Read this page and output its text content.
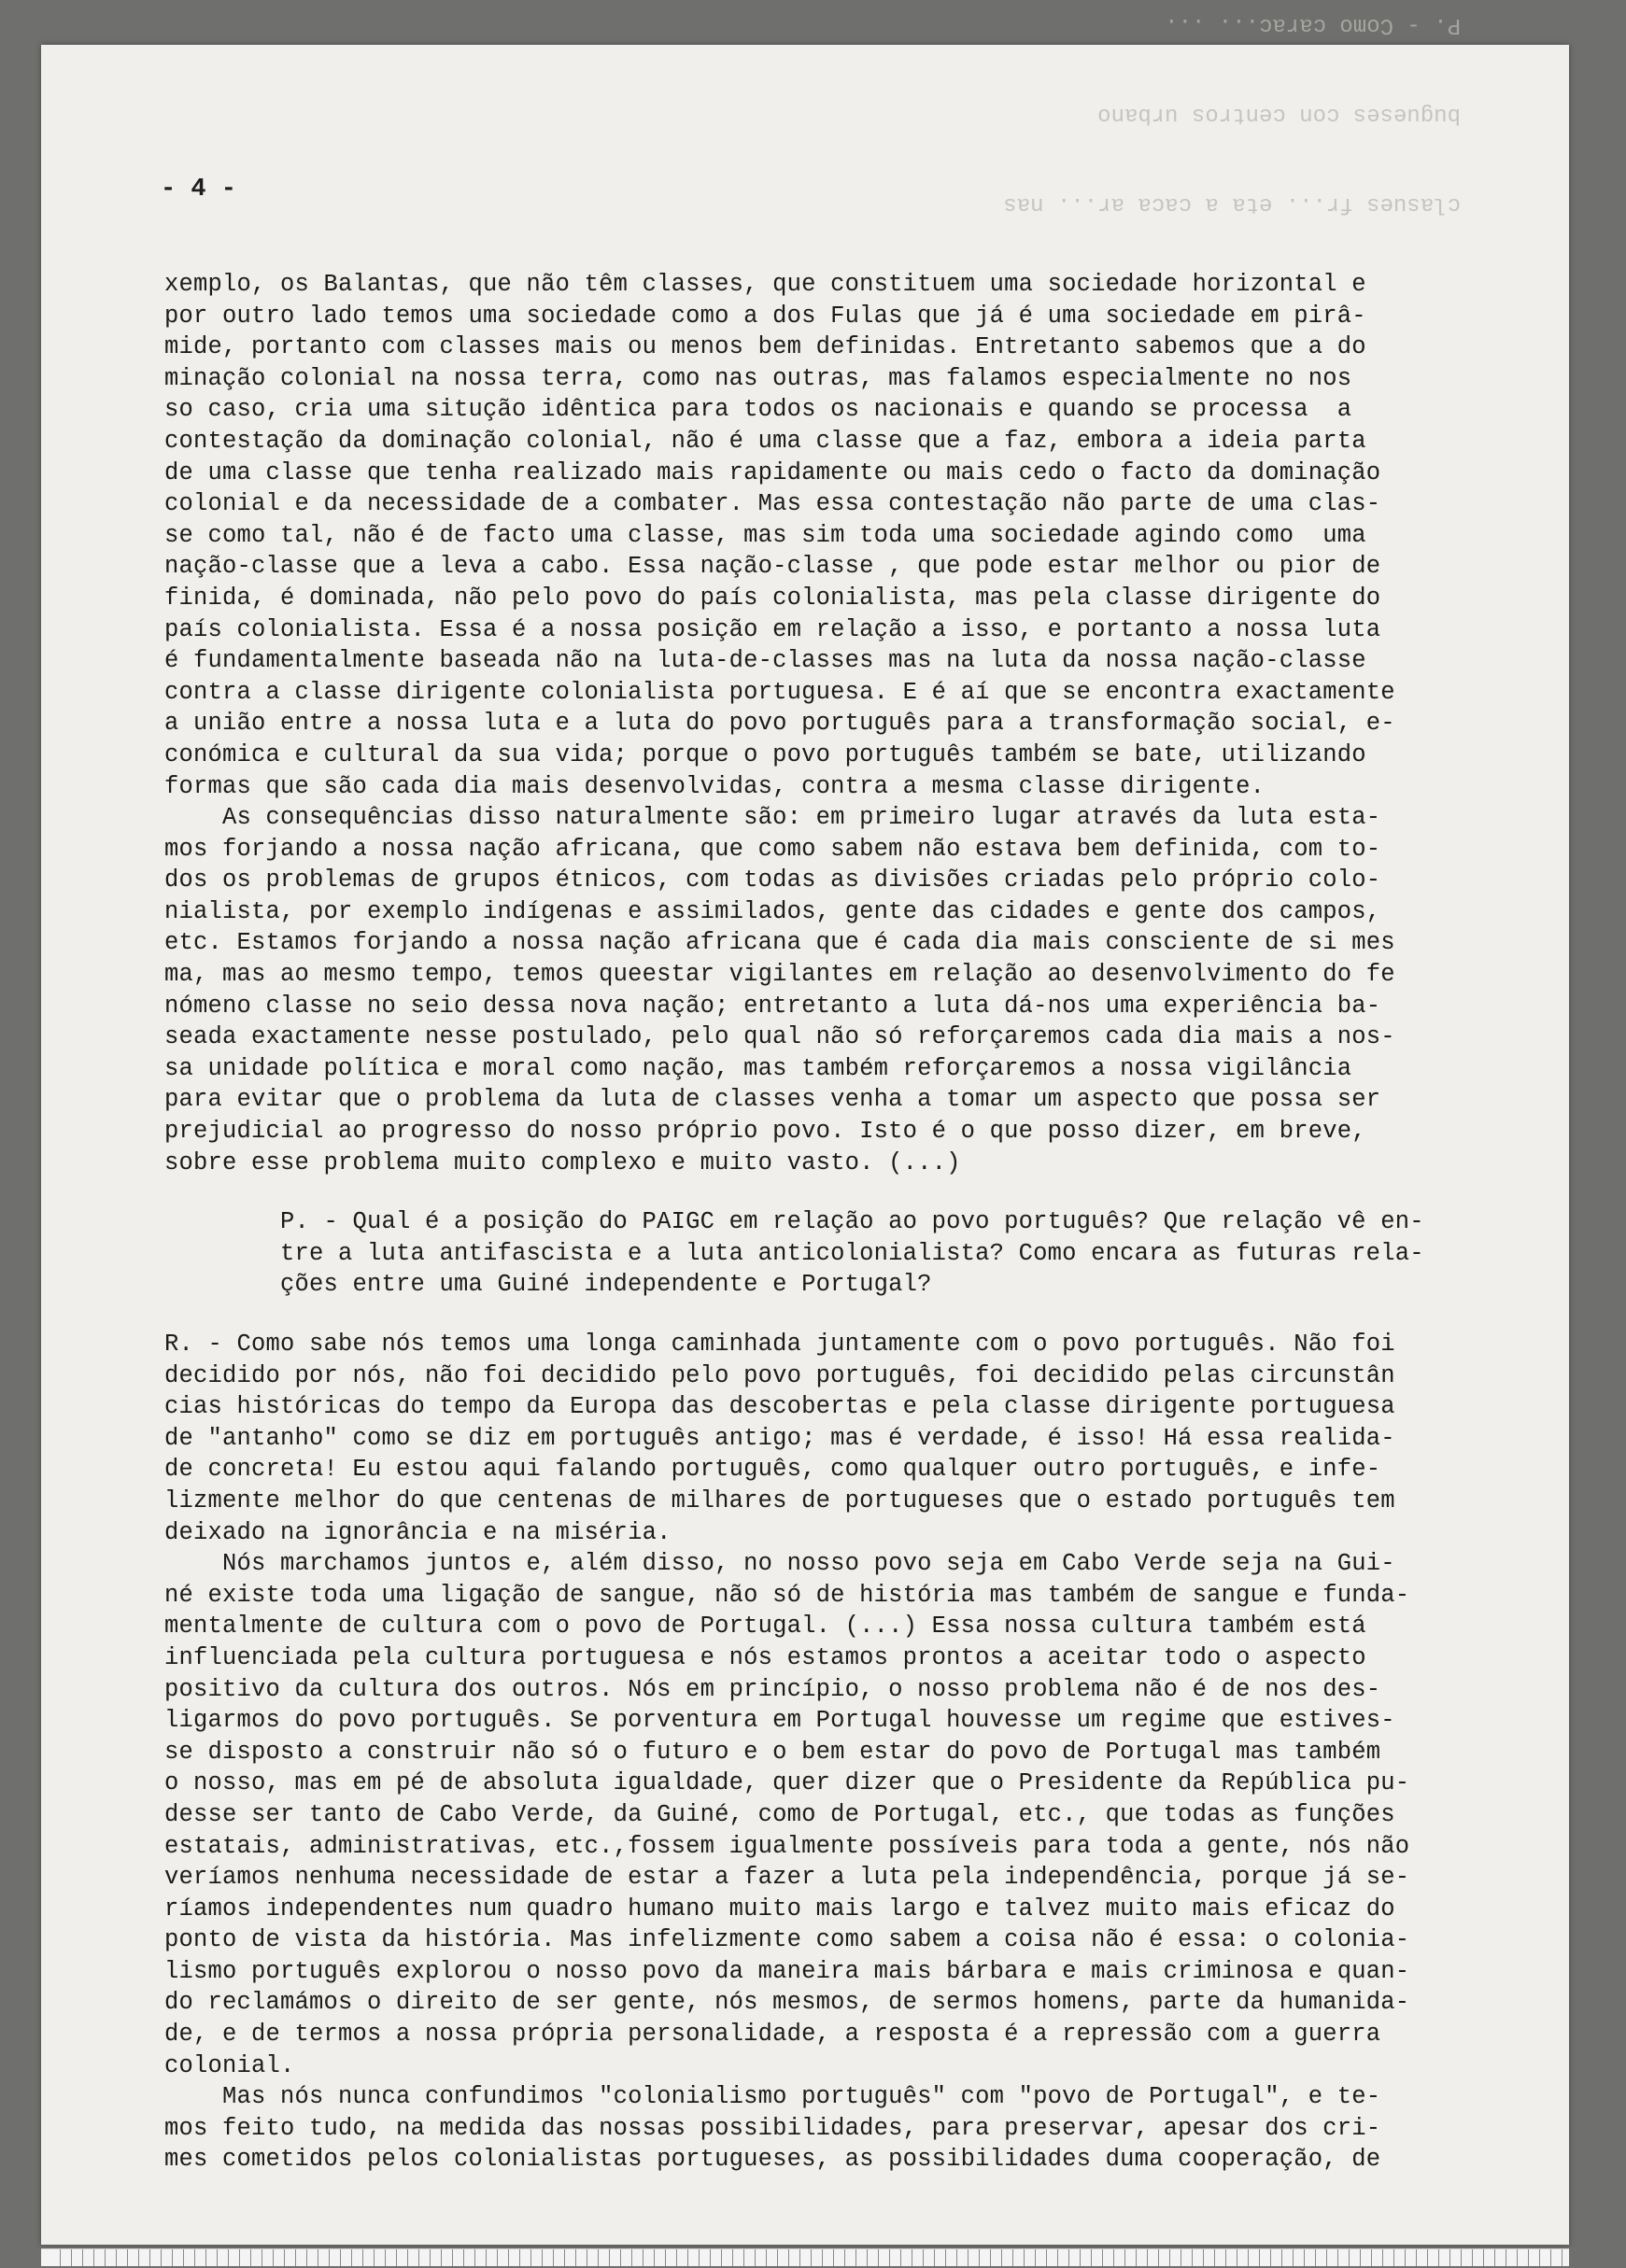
clasues fr... eta a caca ar... nas

bugueses con centros urbano

P. - Como carac... ...

- 4 -
xemplo, os Balantas, que não têm classes, que constituem uma sociedade horizontal e
por outro lado temos uma sociedade como a dos Fulas que já é uma sociedade em pirâ-
mide, portanto com classes mais ou menos bem definidas. Entretanto sabemos que a do
minação colonial na nossa terra, como nas outras, mas falamos especialmente no nos
so caso, cria uma situção idêntica para todos os nacionais e quando se processa  a
contestação da dominação colonial, não é uma classe que a faz, embora a ideia parta
de uma classe que tenha realizado mais rapidamente ou mais cedo o facto da dominação
colonial e da necessidade de a combater. Mas essa contestação não parte de uma clas-
se como tal, não é de facto uma classe, mas sim toda uma sociedade agindo como  uma
nação-classe que a leva a cabo. Essa nação-classe , que pode estar melhor ou pior de
finida, é dominada, não pelo povo do país colonialista, mas pela classe dirigente do
país colonialista. Essa é a nossa posição em relação a isso, e portanto a nossa luta
é fundamentalmente baseada não na luta-de-classes mas na luta da nossa nação-classe
contra a classe dirigente colonialista portuguesa. E é aí que se encontra exactamente
a união entre a nossa luta e a luta do povo português para a transformação social, e-
conómica e cultural da sua vida; porque o povo português também se bate, utilizando
formas que são cada dia mais desenvolvidas, contra a mesma classe dirigente.
As consequências disso naturalmente são: em primeiro lugar através da luta esta-
mos forjando a nossa nação africana, que como sabem não estava bem definida, com to-
dos os problemas de grupos étnicos, com todas as divisões criadas pelo próprio colo-
nialista, por exemplo indígenas e assimilados, gente das cidades e gente dos campos,
etc. Estamos forjando a nossa nação africana que é cada dia mais consciente de si mes
ma, mas ao mesmo tempo, temos queestar vigilantes em relação ao desenvolvimento do fe
nómeno classe no seio dessa nova nação; entretanto a luta dá-nos uma experiência ba-
seada exactamente nesse postulado, pelo qual não só reforçaremos cada dia mais a nos-
sa unidade política e moral como nação, mas também reforçaremos a nossa vigilância
para evitar que o problema da luta de classes venha a tomar um aspecto que possa ser
prejudicial ao progresso do nosso próprio povo. Isto é o que posso dizer, em breve,
sobre esse problema muito complexo e muito vasto. (...)
P. - Qual é a posição do PAIGC em relação ao povo português? Que relação vê en-
tre a luta antifascista e a luta anticolonialista? Como encara as futuras rela-
ções entre uma Guiné independente e Portugal?
R. - Como sabe nós temos uma longa caminhada juntamente com o povo português. Não foi
decidido por nós, não foi decidido pelo povo português, foi decidido pelas circunstân
cias históricas do tempo da Europa das descobertas e pela classe dirigente portuguesa
de "antanho" como se diz em português antigo; mas é verdade, é isso! Há essa realida-
de concreta! Eu estou aqui falando português, como qualquer outro português, e infe-
lizmente melhor do que centenas de milhares de portugueses que o estado português tem
deixado na ignorância e na miséria.
Nós marchamos juntos e, além disso, no nosso povo seja em Cabo Verde seja na Gui-
né existe toda uma ligação de sangue, não só de história mas também de sangue e funda-
mentalmente de cultura com o povo de Portugal. (...) Essa nossa cultura também está
influenciada pela cultura portuguesa e nós estamos prontos a aceitar todo o aspecto
positivo da cultura dos outros. Nós em princípio, o nosso problema não é de nos des-
ligarmos do povo português. Se porventura em Portugal houvesse um regime que estives-
se disposto a construir não só o futuro e o bem estar do povo de Portugal mas também
o nosso, mas em pé de absoluta igualdade, quer dizer que o Presidente da República pu-
desse ser tanto de Cabo Verde, da Guiné, como de Portugal, etc., que todas as funções
estatais, administrativas, etc.,fossem igualmente possíveis para toda a gente, nós não
veríamos nenhuma necessidade de estar a fazer a luta pela independência, porque já se-
ríamos independentes num quadro humano muito mais largo e talvez muito mais eficaz do
ponto de vista da história. Mas infelizmente como sabem a coisa não é essa: o colonia-
lismo português explorou o nosso povo da maneira mais bárbara e mais criminosa e quan-
do reclamámos o direito de ser gente, nós mesmos, de sermos homens, parte da humanida-
de, e de termos a nossa própria personalidade, a resposta é a repressão com a guerra
colonial.
Mas nós nunca confundimos "colonialismo português" com "povo de Portugal", e te-
mos feito tudo, na medida das nossas possibilidades, para preservar, apesar dos cri-
mes cometidos pelos colonialistas portugueses, as possibilidades duma cooperação, de
